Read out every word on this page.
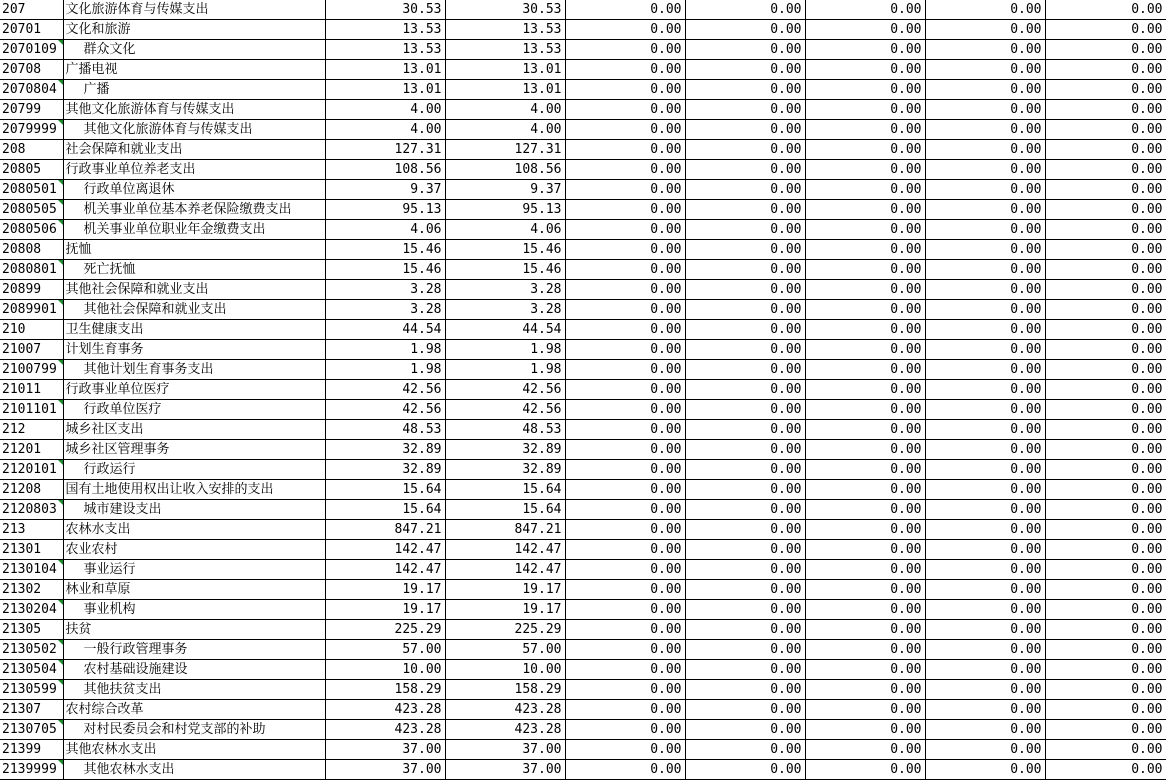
207	文化旅游体育与传媒支出	30.53	30.53	0.00	0.00	0.00	0.00	0.00
20701	文化和旅游	13.53	13.53	0.00	0.00	0.00	0.00	0.00
2070109	群众文化	13.53	13.53	0.00	0.00	0.00	0.00	0.00
20708	广播电视	13.01	13.01	0.00	0.00	0.00	0.00	0.00
2070804	广播	13.01	13.01	0.00	0.00	0.00	0.00	0.00
20799	其他文化旅游体育与传媒支出	4.00	4.00	0.00	0.00	0.00	0.00	0.00
2079999	其他文化旅游体育与传媒支出	4.00	4.00	0.00	0.00	0.00	0.00	0.00
208	社会保障和就业支出	127.31	127.31	0.00	0.00	0.00	0.00	0.00
20805	行政事业单位养老支出	108.56	108.56	0.00	0.00	0.00	0.00	0.00
2080501	行政单位离退休	9.37	9.37	0.00	0.00	0.00	0.00	0.00
2080505	机关事业单位基本养老保险缴费支出	95.13	95.13	0.00	0.00	0.00	0.00	0.00
2080506	机关事业单位职业年金缴费支出	4.06	4.06	0.00	0.00	0.00	0.00	0.00
20808	抚恤	15.46	15.46	0.00	0.00	0.00	0.00	0.00
2080801	死亡抚恤	15.46	15.46	0.00	0.00	0.00	0.00	0.00
20899	其他社会保障和就业支出	3.28	3.28	0.00	0.00	0.00	0.00	0.00
2089901	其他社会保障和就业支出	3.28	3.28	0.00	0.00	0.00	0.00	0.00
210	卫生健康支出	44.54	44.54	0.00	0.00	0.00	0.00	0.00
21007	计划生育事务	1.98	1.98	0.00	0.00	0.00	0.00	0.00
2100799	其他计划生育事务支出	1.98	1.98	0.00	0.00	0.00	0.00	0.00
21011	行政事业单位医疗	42.56	42.56	0.00	0.00	0.00	0.00	0.00
2101101	行政单位医疗	42.56	42.56	0.00	0.00	0.00	0.00	0.00
212	城乡社区支出	48.53	48.53	0.00	0.00	0.00	0.00	0.00
21201	城乡社区管理事务	32.89	32.89	0.00	0.00	0.00	0.00	0.00
2120101	行政运行	32.89	32.89	0.00	0.00	0.00	0.00	0.00
21208	国有土地使用权出让收入安排的支出	15.64	15.64	0.00	0.00	0.00	0.00	0.00
2120803	城市建设支出	15.64	15.64	0.00	0.00	0.00	0.00	0.00
213	农林水支出	847.21	847.21	0.00	0.00	0.00	0.00	0.00
21301	农业农村	142.47	142.47	0.00	0.00	0.00	0.00	0.00
2130104	事业运行	142.47	142.47	0.00	0.00	0.00	0.00	0.00
21302	林业和草原	19.17	19.17	0.00	0.00	0.00	0.00	0.00
2130204	事业机构	19.17	19.17	0.00	0.00	0.00	0.00	0.00
21305	扶贫	225.29	225.29	0.00	0.00	0.00	0.00	0.00
2130502	一般行政管理事务	57.00	57.00	0.00	0.00	0.00	0.00	0.00
2130504	农村基础设施建设	10.00	10.00	0.00	0.00	0.00	0.00	0.00
2130599	其他扶贫支出	158.29	158.29	0.00	0.00	0.00	0.00	0.00
21307	农村综合改革	423.28	423.28	0.00	0.00	0.00	0.00	0.00
2130705	对村民委员会和村党支部的补助	423.28	423.28	0.00	0.00	0.00	0.00	0.00
21399	其他农林水支出	37.00	37.00	0.00	0.00	0.00	0.00	0.00
2139999	其他农林水支出	37.00	37.00	0.00	0.00	0.00	0.00	0.00
